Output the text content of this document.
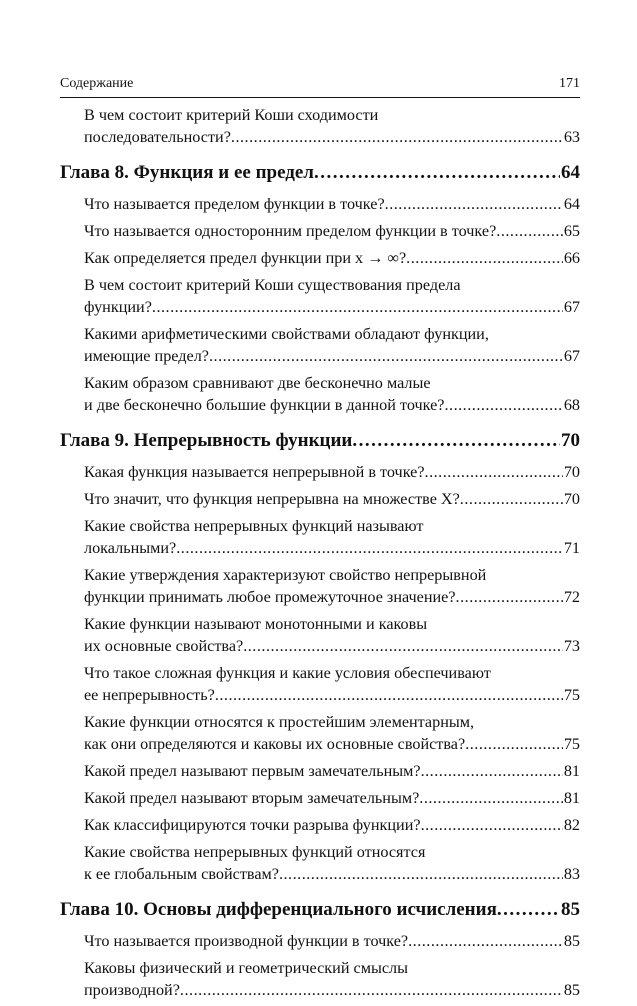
Содержание	171
В чем состоит критерий Коши сходимости
последовательности? .....	63
Глава 8. Функция и ее предел .....	64
Что называется пределом функции в точке? .....	64
Что называется односторонним пределом функции в точке? .....	65
Как определяется предел функции при x → ∞? .....	66
В чем состоит критерий Коши существования предела
функции? .....	67
Какими арифметическими свойствами обладают функции,
имеющие предел? .....	67
Каким образом сравнивают две бесконечно малые
и две бесконечно большие функции в данной точке? .....	68
Глава 9. Непрерывность функции .....	70
Какая функция называется непрерывной в точке? .....	70
Что значит, что функция непрерывна на множестве X? .....	70
Какие свойства непрерывных функций называют
локальными? .....	71
Какие утверждения характеризуют свойство непрерывной
функции принимать любое промежуточное значение? .....	72
Какие функции называют монотонными и каковы
их основные свойства? .....	73
Что такое сложная функция и какие условия обеспечивают
ее непрерывность? .....	75
Какие функции относятся к простейшим элементарным,
как они определяются и каковы их основные свойства? .....	75
Какой предел называют первым замечательным? .....	81
Какой предел называют вторым замечательным? .....	81
Как классифицируются точки разрыва функции? .....	82
Какие свойства непрерывных функций относятся
к ее глобальным свойствам? .....	83
Глава 10. Основы дифференциального исчисления .....	85
Что называется производной функции в точке? .....	85
Каковы физический и геометрический смыслы
производной? .....	85
